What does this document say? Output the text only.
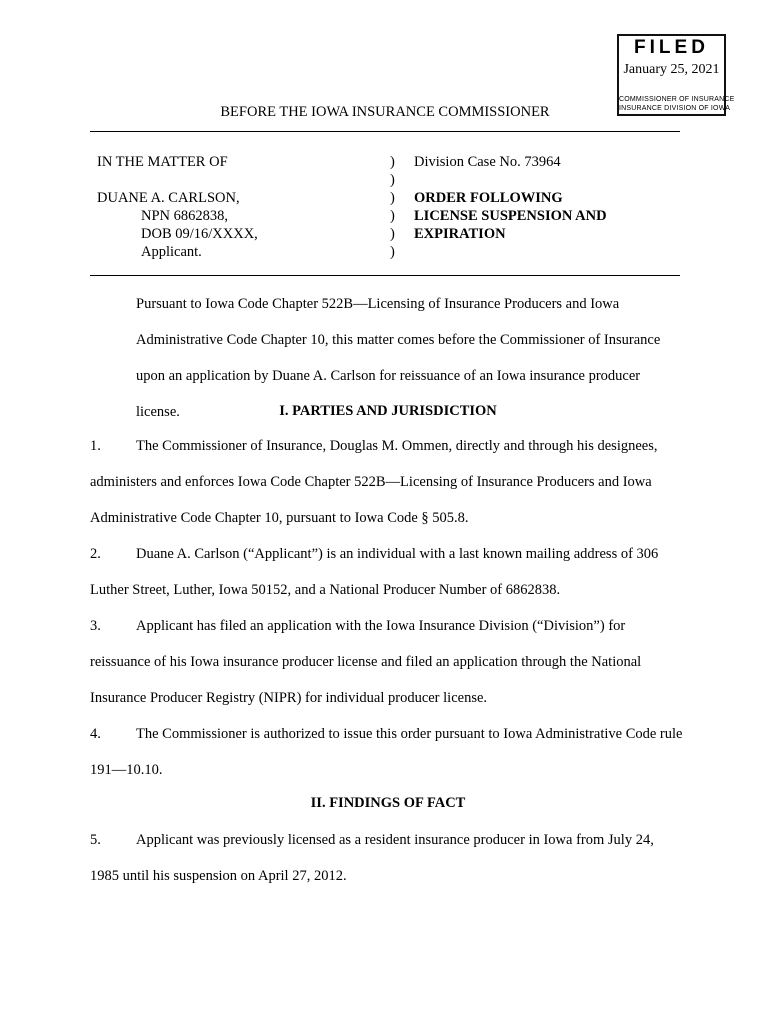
FILED
January 25, 2021
COMMISSIONER OF INSURANCE
INSURANCE DIVISION OF IOWA
BEFORE THE IOWA INSURANCE COMMISSIONER
IN THE MATTER OF
DUANE A. CARLSON,
NPN 6862838,
DOB 09/16/XXXX,
Applicant.
)
)
)
)
)
)
Division Case No. 73964
ORDER FOLLOWING
LICENSE SUSPENSION AND
EXPIRATION
Pursuant to Iowa Code Chapter 522B—Licensing of Insurance Producers and Iowa Administrative Code Chapter 10, this matter comes before the Commissioner of Insurance upon an application by Duane A. Carlson for reissuance of an Iowa insurance producer license.	I. PARTIES AND JURISDICTION
1. The Commissioner of Insurance, Douglas M. Ommen, directly and through his designees, administers and enforces Iowa Code Chapter 522B—Licensing of Insurance Producers and Iowa Administrative Code Chapter 10, pursuant to Iowa Code § 505.8.
2. Duane A. Carlson (“Applicant”) is an individual with a last known mailing address of 306 Luther Street, Luther, Iowa 50152, and a National Producer Number of 6862838.
3. Applicant has filed an application with the Iowa Insurance Division (“Division”) for reissuance of his Iowa insurance producer license and filed an application through the National Insurance Producer Registry (NIPR) for individual producer license.
4. The Commissioner is authorized to issue this order pursuant to Iowa Administrative Code rule 191—10.10.
II. FINDINGS OF FACT
5. Applicant was previously licensed as a resident insurance producer in Iowa from July 24, 1985 until his suspension on April 27, 2012.
